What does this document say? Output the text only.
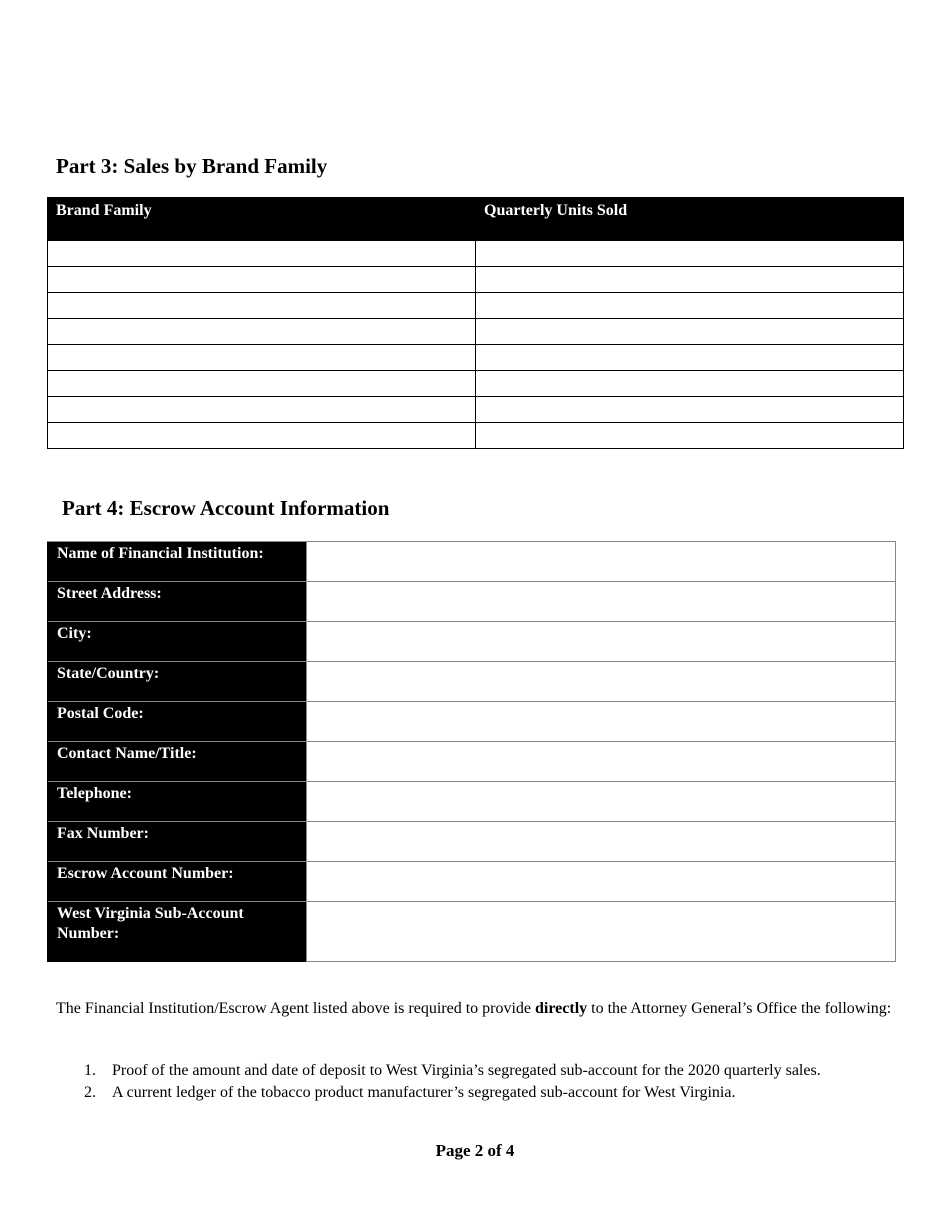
Part 3: Sales by Brand Family
Brand Family	Quarterly Units Sold

Part 4: Escrow Account Information
Name of Financial Institution:	
Street Address:	
City:	
State/Country:	
Postal Code:	
Contact Name/Title:	
Telephone:	
Fax Number:	
Escrow Account Number:	
West Virginia Sub-Account Number:	

The Financial Institution/Escrow Agent listed above is required to provide directly to the Attorney General’s Office the following:

1.	Proof of the amount and date of deposit to West Virginia’s segregated sub-account for the 2020 quarterly sales.
2.	A current ledger of the tobacco product manufacturer’s segregated sub-account for West Virginia.
Page 2 of 4
